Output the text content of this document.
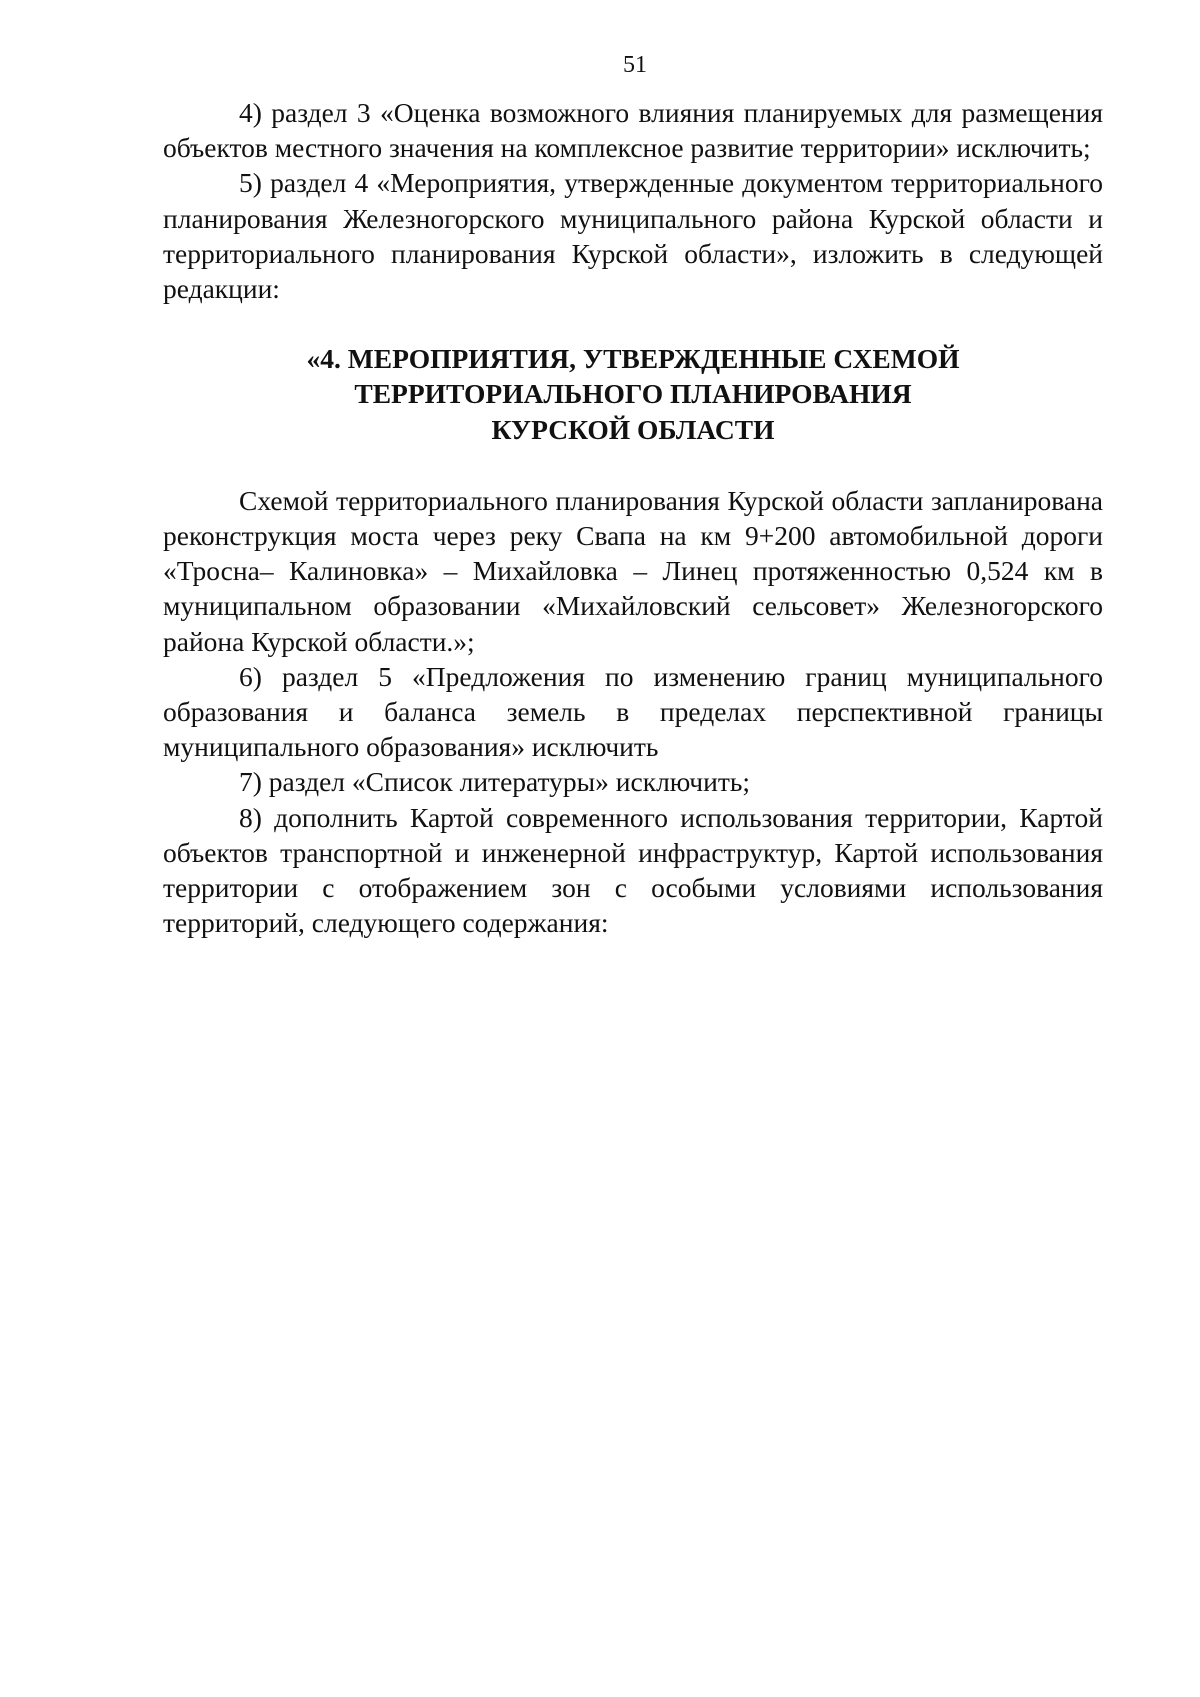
51

4) раздел 3 «Оценка возможного влияния планируемых для размещения объектов местного значения на комплексное развитие территории» исключить;

5) раздел 4 «Мероприятия, утвержденные документом территориального планирования Железногорского муниципального района Курской области и территориального планирования Курской области», изложить в следующей редакции:

«4. МЕРОПРИЯТИЯ, УТВЕРЖДЕННЫЕ СХЕМОЙ
ТЕРРИТОРИАЛЬНОГО ПЛАНИРОВАНИЯ
КУРСКОЙ ОБЛАСТИ

Схемой территориального планирования Курской области запланирована реконструкция моста через реку Свапа на км 9+200 автомобильной дороги «Тросна– Калиновка» – Михайловка – Линец протяженностью 0,524 км в муниципальном образовании «Михайловский сельсовет» Железногорского района Курской области.»;

6) раздел 5 «Предложения по изменению границ муниципального образования и баланса земель в пределах перспективной границы муниципального образования» исключить

7) раздел «Список литературы» исключить;

8) дополнить Картой современного использования территории, Картой объектов транспортной и инженерной инфраструктур, Картой использования территории с отображением зон с особыми условиями использования территорий, следующего содержания:
